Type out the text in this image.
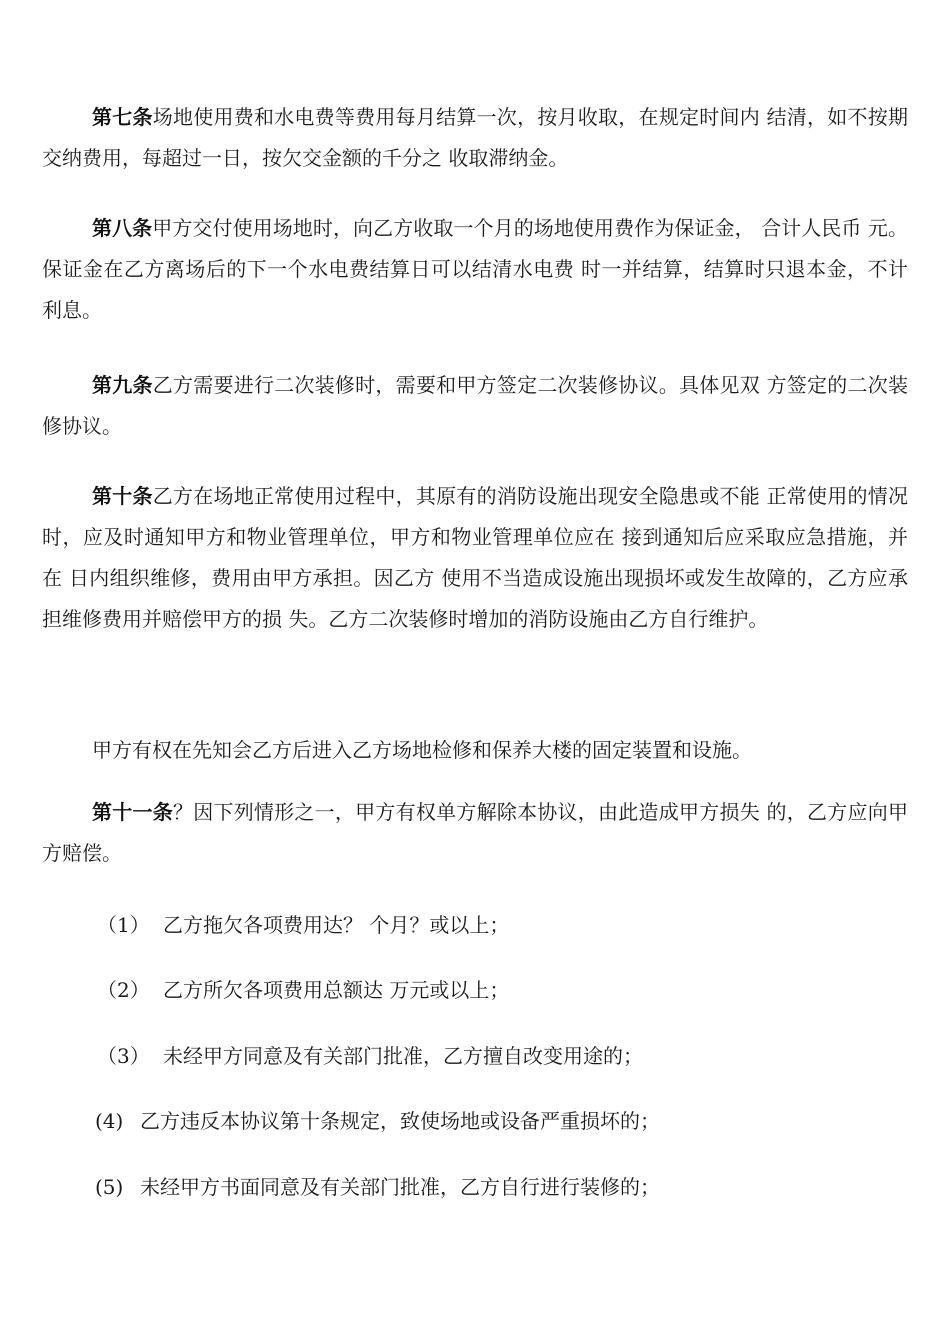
第七条场地使用费和水电费等费用每月结算一次，按月收取，在规定时间内 结清，如不按期交纳费用，每超过一日，按欠交金额的千分之 收取滞纳金。

第八条甲方交付使用场地时，向乙方收取一个月的场地使用费作为保证金， 合计人民币 元。保证金在乙方离场后的下一个水电费结算日可以结清水电费 时一并结算，结算时只退本金，不计利息。

第九条乙方需要进行二次装修时，需要和甲方签定二次装修协议。具体见双 方签定的二次装修协议。

第十条乙方在场地正常使用过程中，其原有的消防设施出现安全隐患或不能 正常使用的情况时，应及时通知甲方和物业管理单位，甲方和物业管理单位应在 接到通知后应采取应急措施，并在 日内组织维修，费用由甲方承担。因乙方 使用不当造成设施出现损坏或发生故障的，乙方应承担维修费用并赔偿甲方的损 失。乙方二次装修时增加的消防设施由乙方自行维护。

甲方有权在先知会乙方后进入乙方场地检修和保养大楼的固定装置和设施。

第十一条？因下列情形之一，甲方有权单方解除本协议，由此造成甲方损失 的，乙方应向甲方赔偿。

（1） 乙方拖欠各项费用达？ 个月？或以上；

（2） 乙方所欠各项费用总额达 万元或以上；

（3） 未经甲方同意及有关部门批准，乙方擅自改变用途的；

(4) 乙方违反本协议第十条规定，致使场地或设备严重损坏的；

(5) 未经甲方书面同意及有关部门批准，乙方自行进行装修的；
